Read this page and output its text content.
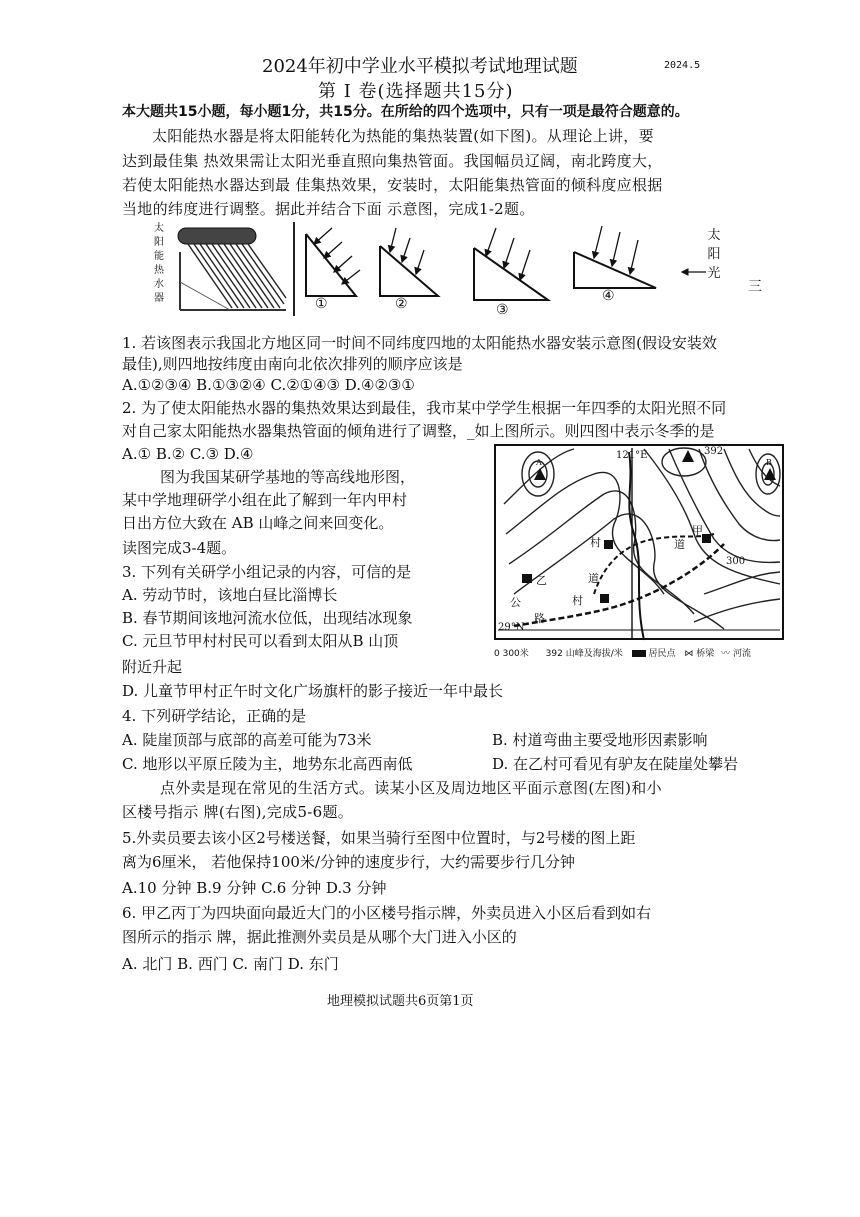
2024年初中学业水平模拟考试地理试题	2024.5
第 I 卷(选择题共15分)
本大题共15小题，每小题1分，共15分。在所给的四个选项中，只有一项是最符合题意的。
太阳能热水器是将太阳能转化为热能的集热装置(如下图)。从理论上讲，要
达到最佳集 热效果需让太阳光垂直照向集热管面。我国幅员辽阔，南北跨度大，
若使太阳能热水器达到最 佳集热效果，安装时，太阳能集热管面的倾科度应根据
当地的纬度进行调整。据此并结合下面 示意图，完成1-2题。
太阳能热水器	①	②	③
④
太阳光
三
1. 若该图表示我国北方地区同一时间不同纬度四地的太阳能热水器安装示意图(假设安装效
最佳),则四地按纬度由南向北依次排列的顺序应该是
A.①②③④ B.①③②④ C.②①④③ D.④②③①
2. 为了使太阳能热水器的集热效果达到最佳，我市某中学学生根据一年四季的太阳光照不同
对自己家太阳能热水器集热管面的倾角进行了调整，_如上图所示。则四图中表示冬季的是
A.① B.② C.③ D.④
图为我国某研学基地的等高线地形图，
某中学地理研学小组在此了解到一年内甲村
日出方位大致在 AB 山峰之间来回变化。
读图完成3-4题。
121°E	392
29°N
300
A	B
村	道
甲
乙	道
村
公
路
0 300米 392 山峰及海拔/米	居民点 ⋈ 桥梁 〰 河流
3. 下列有关研学小组记录的内容，可信的是
A. 劳动节时，该地白昼比淄博长
B. 春节期间该地河流水位低，出现结冰现象
C. 元旦节甲村村民可以看到太阳从B 山顶
附近升起
D. 儿童节甲村正午时文化广场旗杆的影子接近一年中最长
4. 下列研学结论，正确的是
A. 陡崖顶部与底部的高差可能为73米	B. 村道弯曲主要受地形因素影响
C. 地形以平原丘陵为主，地势东北高西南低	D. 在乙村可看见有驴友在陡崖处攀岩
点外卖是现在常见的生活方式。读某小区及周边地区平面示意图(左图)和小
区楼号指示 牌(右图),完成5-6题。
5.外卖员要去该小区2号楼送餐，如果当骑行至图中位置时，与2号楼的图上距
离为6厘米， 若他保持100米/分钟的速度步行，大约需要步行几分钟
A.10 分钟 B.9 分钟 C.6 分钟 D.3 分钟
6. 甲乙丙丁为四块面向最近大门的小区楼号指示牌，外卖员进入小区后看到如右
图所示的指示 牌，据此推测外卖员是从哪个大门进入小区的
A. 北门 B. 西门 C. 南门 D. 东门
地理模拟试题共6页第1页
